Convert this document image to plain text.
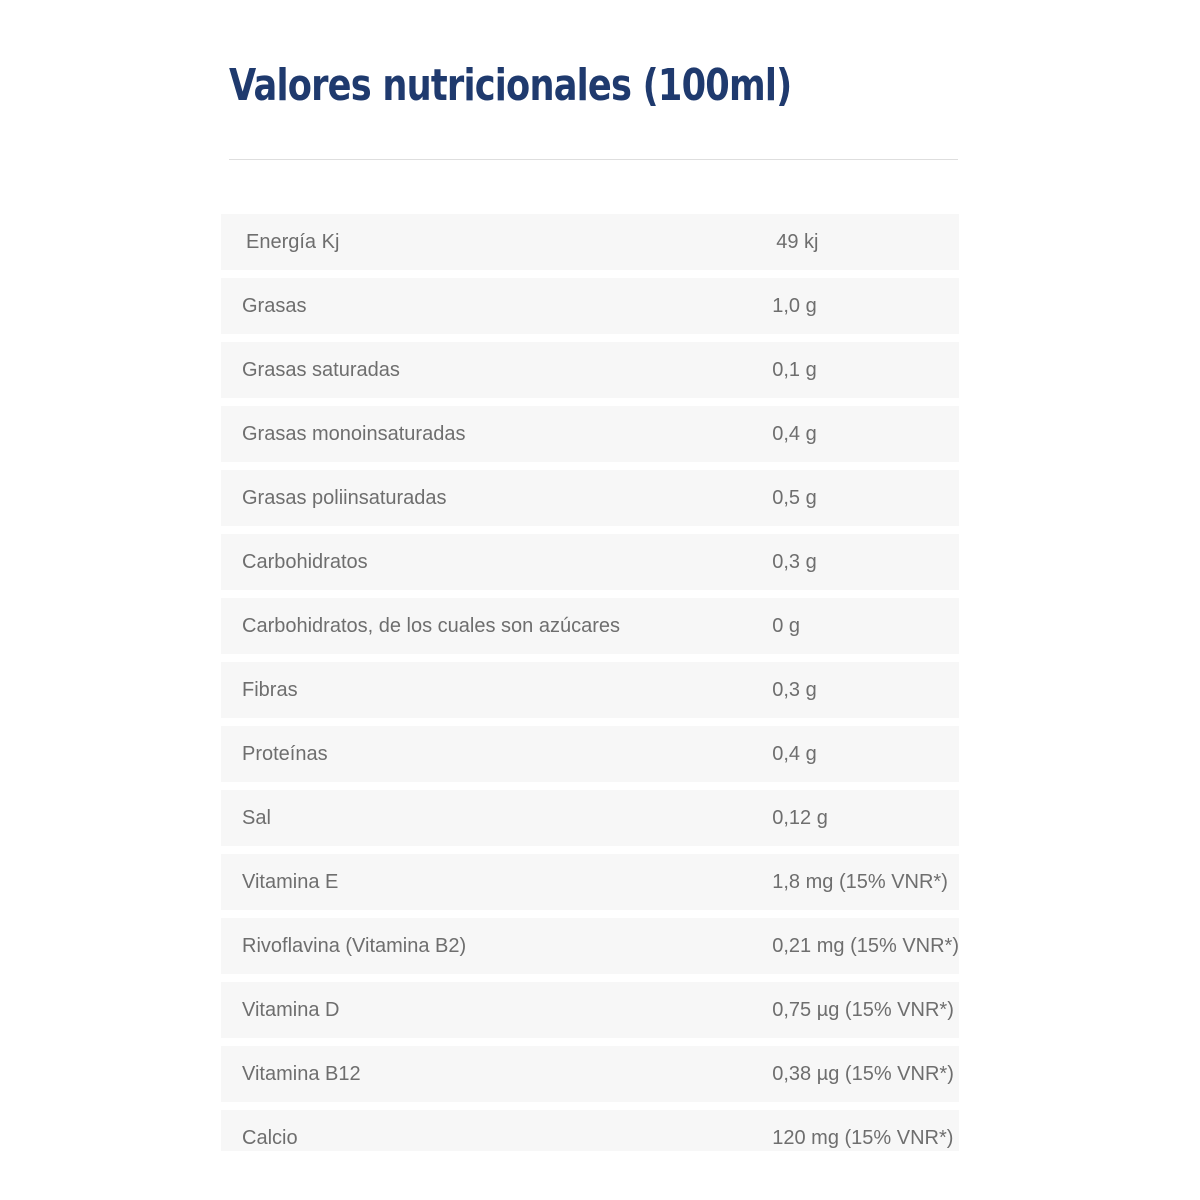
Valores nutricionales (100ml)
Energía Kj	49 kj
Grasas	1,0 g
Grasas saturadas	0,1 g
Grasas monoinsaturadas	0,4 g
Grasas poliinsaturadas	0,5 g
Carbohidratos	0,3 g
Carbohidratos, de los cuales son azúcares	0 g
Fibras	0,3 g
Proteínas	0,4 g
Sal	0,12 g
Vitamina E	1,8 mg (15% VNR*)
Rivoflavina (Vitamina B2)	0,21 mg (15% VNR*)
Vitamina D	0,75 µg (15% VNR*)
Vitamina B12	0,38 µg (15% VNR*)
Calcio	120 mg (15% VNR*)
